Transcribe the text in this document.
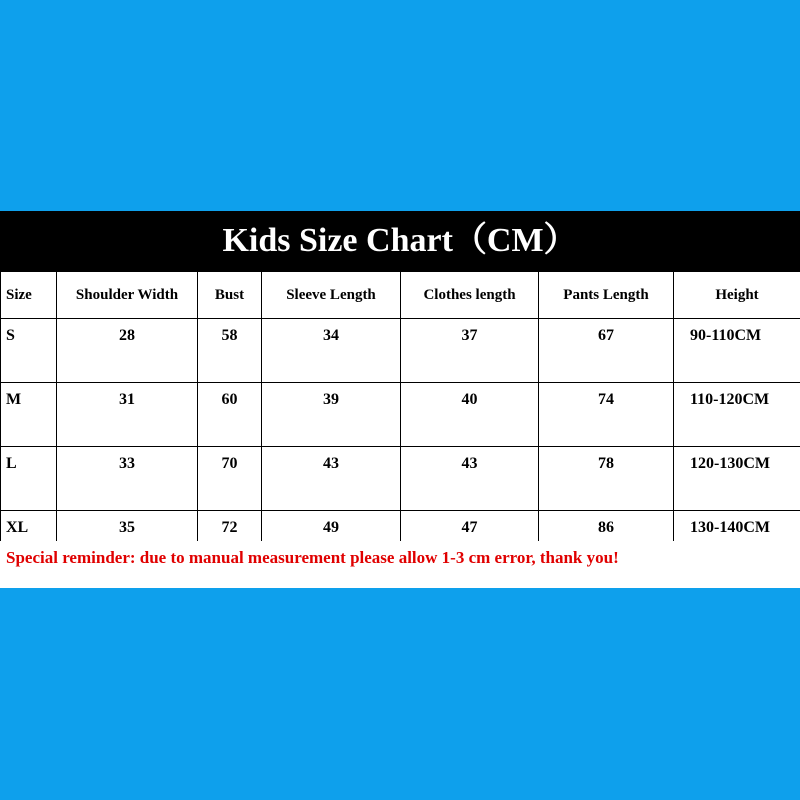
Kids Size Chart（CM）
Size	Shoulder Width	Bust	Sleeve Length	Clothes length	Pants Length	Height
S	28	58	34	37	67	90-110CM
M	31	60	39	40	74	110-120CM
L	33	70	43	43	78	120-130CM
XL	35	72	49	47	86	130-140CM
Special reminder: due to manual measurement please allow 1-3 cm error, thank you!
